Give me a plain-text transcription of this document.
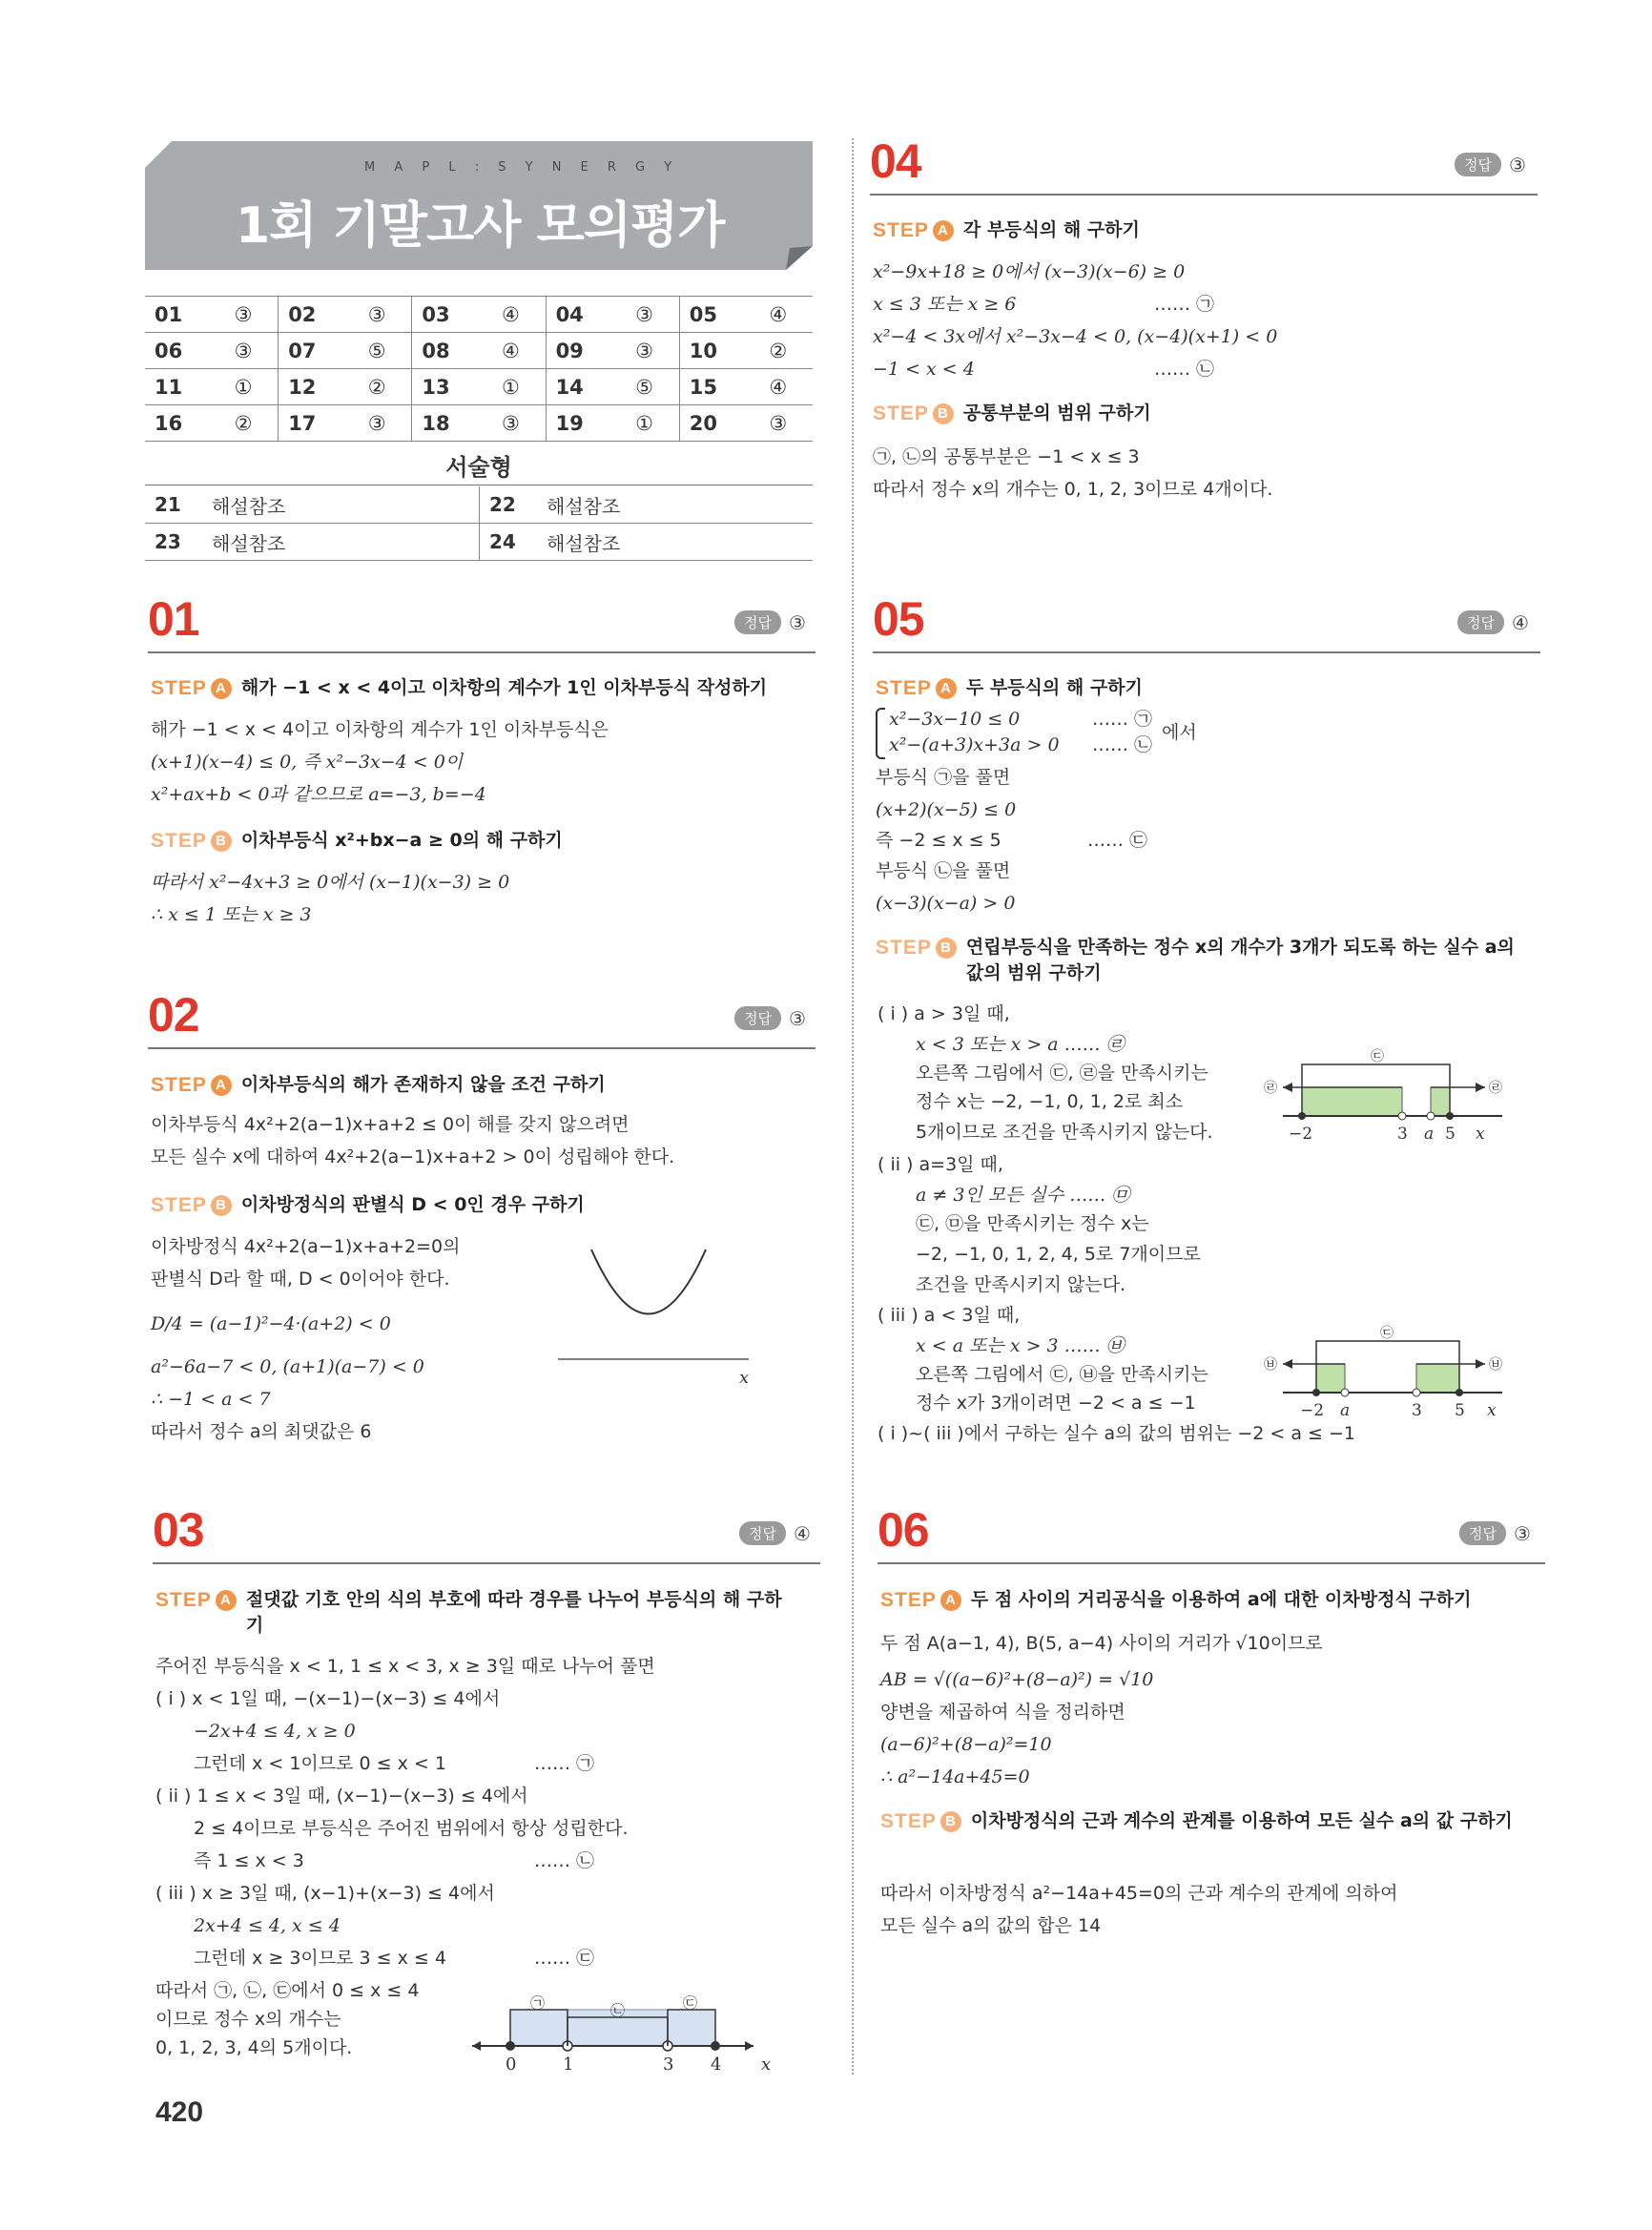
M A P L : S Y N E R G Y
1회 기말고사 모의평가
01	③	02	③	03	④	04	③	05	④
06	③	07	⑤	08	④	09	③	10	②
11	①	12	②	13	①	14	⑤	15	④
16	②	17	③	18	③	19	①	20	③
서술형
21	해설참조	22	해설참조
23	해설참조	24	해설참조
01	정답 ③
STEP A 해가 −1 < x < 4이고 이차항의 계수가 1인 이차부등식 작성하기
해가 −1 < x < 4이고 이차항의 계수가 1인 이차부등식은
(x+1)(x−4) ≤ 0, 즉 x²−3x−4 < 0이
x²+ax+b < 0과 같으므로 a=−3, b=−4
STEP B 이차부등식 x²+bx−a ≥ 0의 해 구하기
따라서 x²−4x+3 ≥ 0에서 (x−1)(x−3) ≥ 0
∴ x ≤ 1 또는 x ≥ 3
02	정답 ③
STEP A 이차부등식의 해가 존재하지 않을 조건 구하기
이차부등식 4x²+2(a−1)x+a+2 ≤ 0이 해를 갖지 않으려면
모든 실수 x에 대하여 4x²+2(a−1)x+a+2 > 0이 성립해야 한다.
STEP B 이차방정식의 판별식 D < 0인 경우 구하기
이차방정식 4x²+2(a−1)x+a+2=0의
판별식 D라 할 때, D < 0이어야 한다.
D/4 = (a−1)²−4·(a+2) < 0
a²−6a−7 < 0, (a+1)(a−7) < 0
∴ −1 < a < 7
따라서 정수 a의 최댓값은 6
x
03	정답 ④
STEP A 절댓값 기호 안의 식의 부호에 따라 경우를 나누어 부등식의 해 구하기
주어진 부등식을 x < 1, 1 ≤ x < 3, x ≥ 3일 때로 나누어 풀면
( i ) x < 1일 때, −(x−1)−(x−3) ≤ 4에서
−2x+4 ≤ 4, x ≥ 0
그런데 x < 1이므로 0 ≤ x < 1	…… ㉠
( ii ) 1 ≤ x < 3일 때, (x−1)−(x−3) ≤ 4에서
2 ≤ 4이므로 부등식은 주어진 범위에서 항상 성립한다.
즉 1 ≤ x < 3	…… ㉡
( iii ) x ≥ 3일 때, (x−1)+(x−3) ≤ 4에서
2x+4 ≤ 4, x ≤ 4
그런데 x ≥ 3이므로 3 ≤ x ≤ 4	…… ㉢
따라서 ㉠, ㉡, ㉢에서 0 ≤ x ≤ 4
이므로 정수 x의 개수는
0, 1, 2, 3, 4의 5개이다.
㉠	㉡	㉢
0	1	3 4 x
420
04	정답 ③
STEP A 각 부등식의 해 구하기
x²−9x+18 ≥ 0에서 (x−3)(x−6) ≥ 0
x ≤ 3 또는 x ≥ 6	…… ㉠
x²−4 < 3x에서 x²−3x−4 < 0, (x−4)(x+1) < 0
−1 < x < 4	…… ㉡
STEP B 공통부분의 범위 구하기
㉠, ㉡의 공통부분은 −1 < x ≤ 3
따라서 정수 x의 개수는 0, 1, 2, 3이므로 4개이다.
05	정답 ④
STEP A 두 부등식의 해 구하기
x²−3x−10 ≤ 0	…… ㉠
x²−(a+3)x+3a > 0 …… ㉡
에서
부등식 ㉠을 풀면
(x+2)(x−5) ≤ 0
즉 −2 ≤ x ≤ 5	…… ㉢
부등식 ㉡을 풀면
(x−3)(x−a) > 0
STEP B 연립부등식을 만족하는 정수 x의 개수가 3개가 되도록 하는 실수 a의 값의 범위 구하기
( i ) a > 3일 때,
x < 3 또는 x > a …… ㉣
오른쪽 그림에서 ㉢, ㉣을 만족시키는
정수 x는 −2, −1, 0, 1, 2로 최소
5개이므로 조건을 만족시키지 않는다.
㉢
㉣	㉣
−2	3 a 5 x
( ii ) a=3일 때,
a ≠ 3인 모든 실수 …… ㉤
㉢, ㉤을 만족시키는 정수 x는
−2, −1, 0, 1, 2, 4, 5로 7개이므로
조건을 만족시키지 않는다.
( iii ) a < 3일 때,
x < a 또는 x > 3 …… ㉥
오른쪽 그림에서 ㉢, ㉥을 만족시키는
정수 x가 3개이려면 −2 < a ≤ −1
㉢
㉥	㉥
−2 a	3 5 x
( i )~( iii )에서 구하는 실수 a의 값의 범위는 −2 < a ≤ −1
06	정답 ③
STEP A 두 점 사이의 거리공식을 이용하여 a에 대한 이차방정식 구하기
두 점 A(a−1, 4), B(5, a−4) 사이의 거리가 √10이므로
AB = √((a−6)²+(8−a)²) = √10
양변을 제곱하여 식을 정리하면
(a−6)²+(8−a)²=10
∴ a²−14a+45=0
STEP B 이차방정식의 근과 계수의 관계를 이용하여 모든 실수 a의 값 구하기
따라서 이차방정식 a²−14a+45=0의 근과 계수의 관계에 의하여
모든 실수 a의 값의 합은 14
